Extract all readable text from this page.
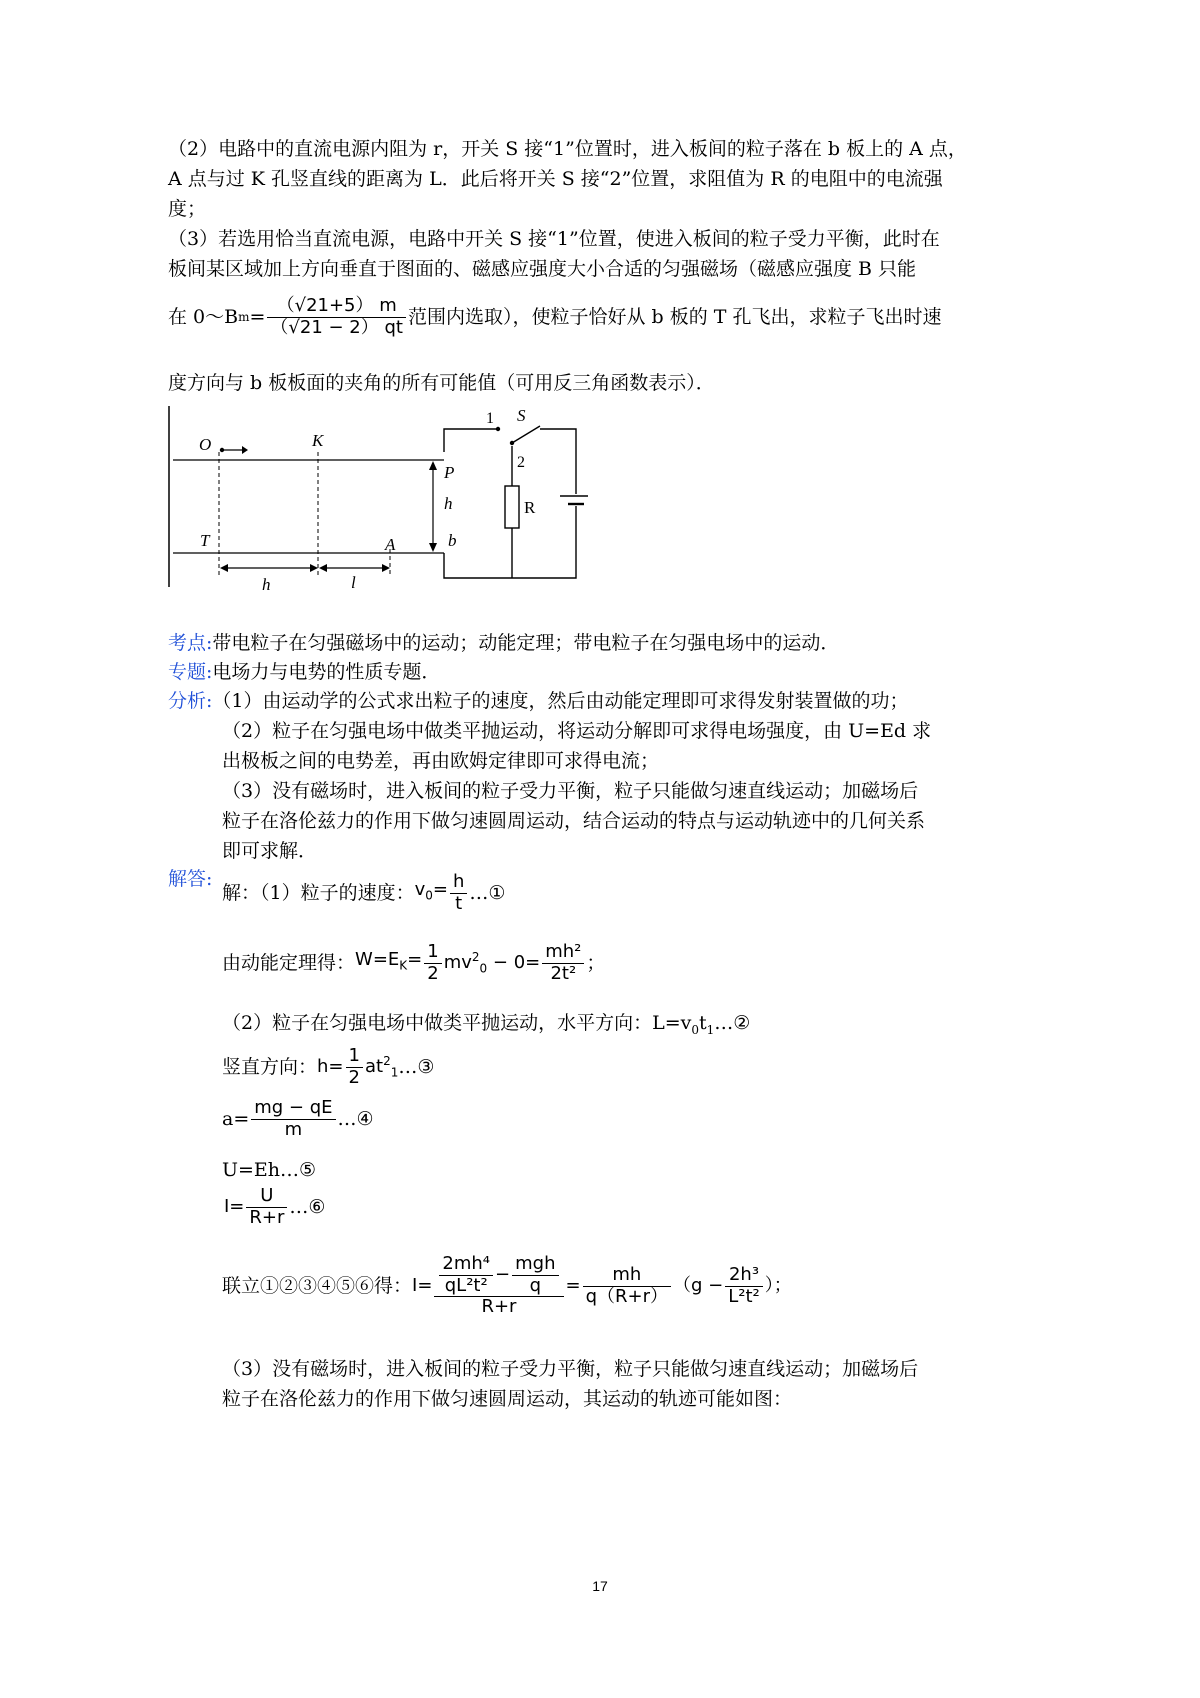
（2）电路中的直流电源内阻为 r，开关 S 接“1”位置时，进入板间的粒子落在 b 板上的 A 点，
A 点与过 K 孔竖直线的距离为 L．此后将开关 S 接“2”位置，求阻值为 R 的电阻中的电流强
度；
（3）若选用恰当直流电源，电路中开关 S 接“1”位置，使进入板间的粒子受力平衡，此时在
板间某区域加上方向垂直于图面的、磁感应强度大小合适的匀强磁场（磁感应强度 B 只能
在 0～B $m = \frac{(√21+5) m}{(√21 - 2) qt}$ 范围内选取），使粒子恰好从 b 板的 T 孔飞出，求粒子飞出时速
度方向与 b 板板面的夹角的所有可能值（可用反三角函数表示）．
O	K
P
h
T	A	b
h	l
1 S
2
R
考点:带电粒子在匀强磁场中的运动；动能定理；带电粒子在匀强电场中的运动．
专题:电场力与电势的性质专题．
分析:（1）由运动学的公式求出粒子的速度，然后由动能定理即可求得发射装置做的功；
（2）粒子在匀强电场中做类平抛运动，将运动分解即可求得电场强度，由 U=Ed 求
出极板之间的电势差，再由欧姆定律即可求得电流；
（3）没有磁场时，进入板间的粒子受力平衡，粒子只能做匀速直线运动；加磁场后
粒子在洛伦兹力的作用下做匀速圆周运动，结合运动的特点与运动轨迹中的几何关系
即可求解．
解答:
解：（1）粒子的速度： $v_0= \frac{h}{t}$ …①
由动能定理得： $W=E_K= \frac{1}{2} mv^2_0 - 0= \frac{\text{mh²}}{\text{2t²}}$ ；
（2）粒子在匀强电场中做类平抛运动，水平方向：$L=v_0t_1\dots ②$
竖直方向： $h= \frac{1}{2} at^2_1$ …③
$a= \frac{mg - qE}{m}$ …④
U=Eh…⑤
$I= \frac{U}{R+r}$ …⑥
联立①②③④⑤⑥得： $I= \frac{\text{2mh⁴}}{\text{qL²t²}} - \frac{\text{mgh}}{q}$
R+r
= $\frac{mh}{q(R+r)} (g - \frac{\text{2h³}}{\text{L²t²}}$ ）；
（3）没有磁场时，进入板间的粒子受力平衡，粒子只能做匀速直线运动；加磁场后
粒子在洛伦兹力的作用下做匀速圆周运动，其运动的轨迹可能如图：
17
